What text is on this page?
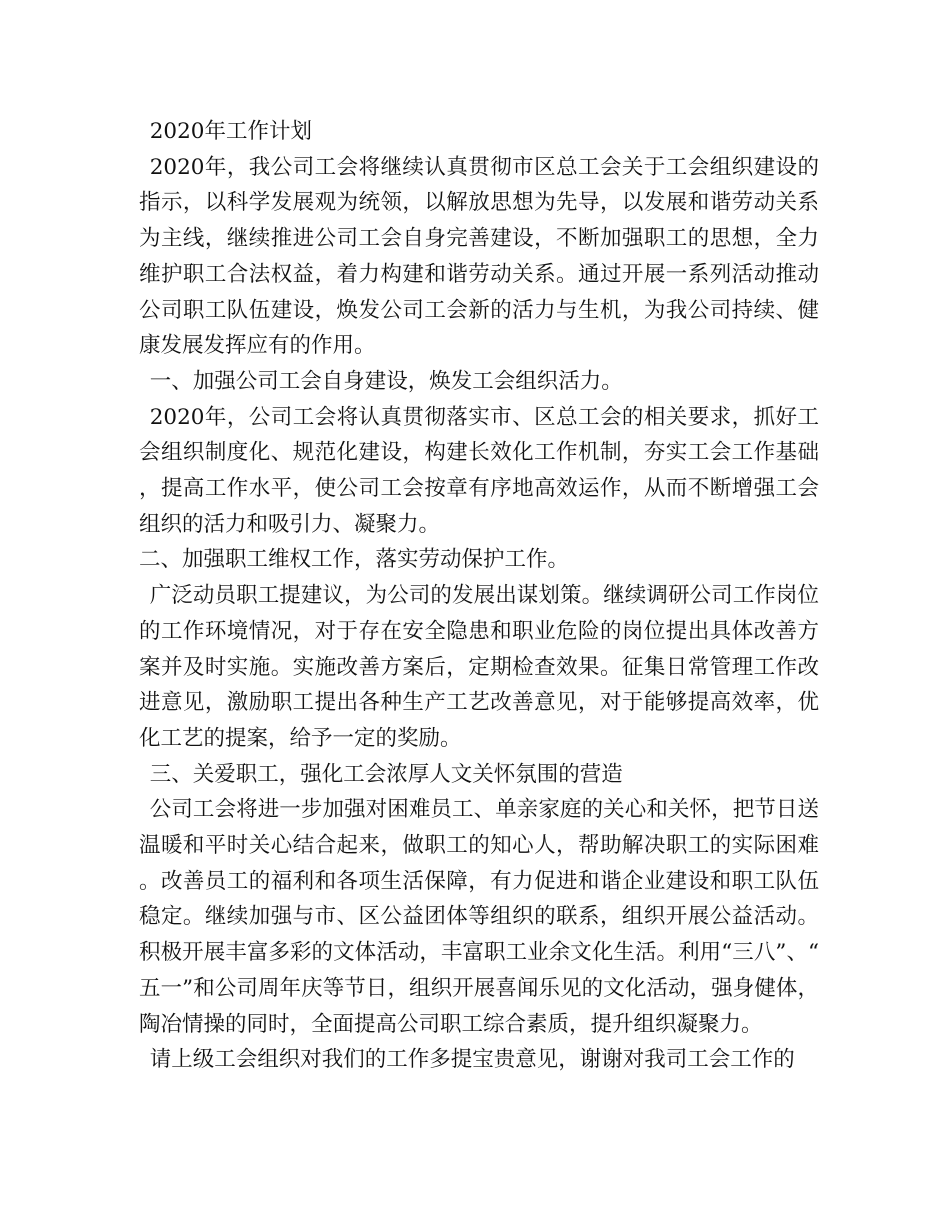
2020年工作计划

2020年，我公司工会将继续认真贯彻市区总工会关于工会组织建设的指示，以科学发展观为统领，以解放思想为先导，以发展和谐劳动关系为主线，继续推进公司工会自身完善建设，不断加强职工的思想，全力维护职工合法权益，着力构建和谐劳动关系。通过开展一系列活动推动公司职工队伍建设，焕发公司工会新的活力与生机，为我公司持续、健康发展发挥应有的作用。

一、加强公司工会自身建设，焕发工会组织活力。

2020年，公司工会将认真贯彻落实市、区总工会的相关要求，抓好工会组织制度化、规范化建设，构建长效化工作机制，夯实工会工作基础，提高工作水平，使公司工会按章有序地高效运作，从而不断增强工会组织的活力和吸引力、凝聚力。

二、加强职工维权工作，落实劳动保护工作。

广泛动员职工提建议，为公司的发展出谋划策。继续调研公司工作岗位的工作环境情况，对于存在安全隐患和职业危险的岗位提出具体改善方案并及时实施。实施改善方案后，定期检查效果。征集日常管理工作改进意见，激励职工提出各种生产工艺改善意见，对于能够提高效率，优化工艺的提案，给予一定的奖励。

三、关爱职工，强化工会浓厚人文关怀氛围的营造

公司工会将进一步加强对困难员工、单亲家庭的关心和关怀，把节日送温暖和平时关心结合起来，做职工的知心人，帮助解决职工的实际困难。改善员工的福利和各项生活保障，有力促进和谐企业建设和职工队伍稳定。继续加强与市、区公益团体等组织的联系，组织开展公益活动。积极开展丰富多彩的文体活动，丰富职工业余文化生活。利用“三八”、“五一”和公司周年庆等节日，组织开展喜闻乐见的文化活动，强身健体，陶冶情操的同时，全面提高公司职工综合素质，提升组织凝聚力。

请上级工会组织对我们的工作多提宝贵意见，谢谢对我司工会工作的
